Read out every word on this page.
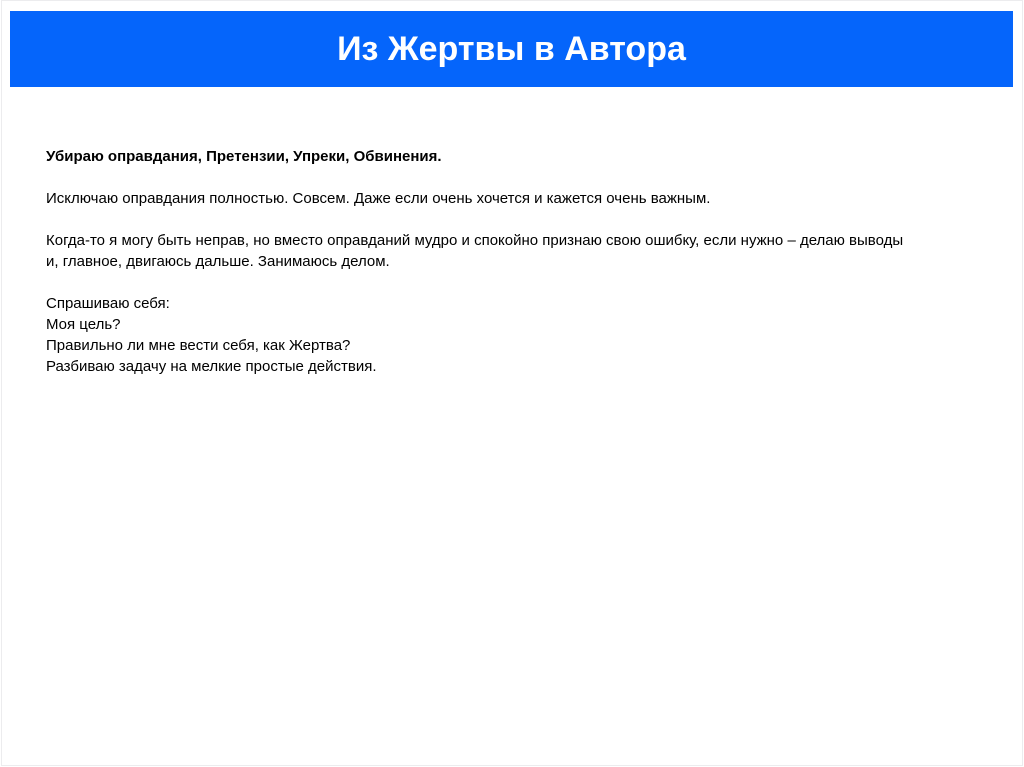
Из Жертвы в Автора
Убираю оправдания, Претензии, Упреки, Обвинения.
Исключаю оправдания полностью. Совсем. Даже если очень хочется и кажется очень важным.
Когда-то я могу быть неправ, но вместо оправданий мудро и спокойно признаю свою ошибку, если нужно – делаю выводы
и, главное, двигаюсь дальше. Занимаюсь делом.
Спрашиваю себя:
Моя цель?
Правильно ли мне вести себя, как Жертва?
Разбиваю задачу на мелкие простые действия.
